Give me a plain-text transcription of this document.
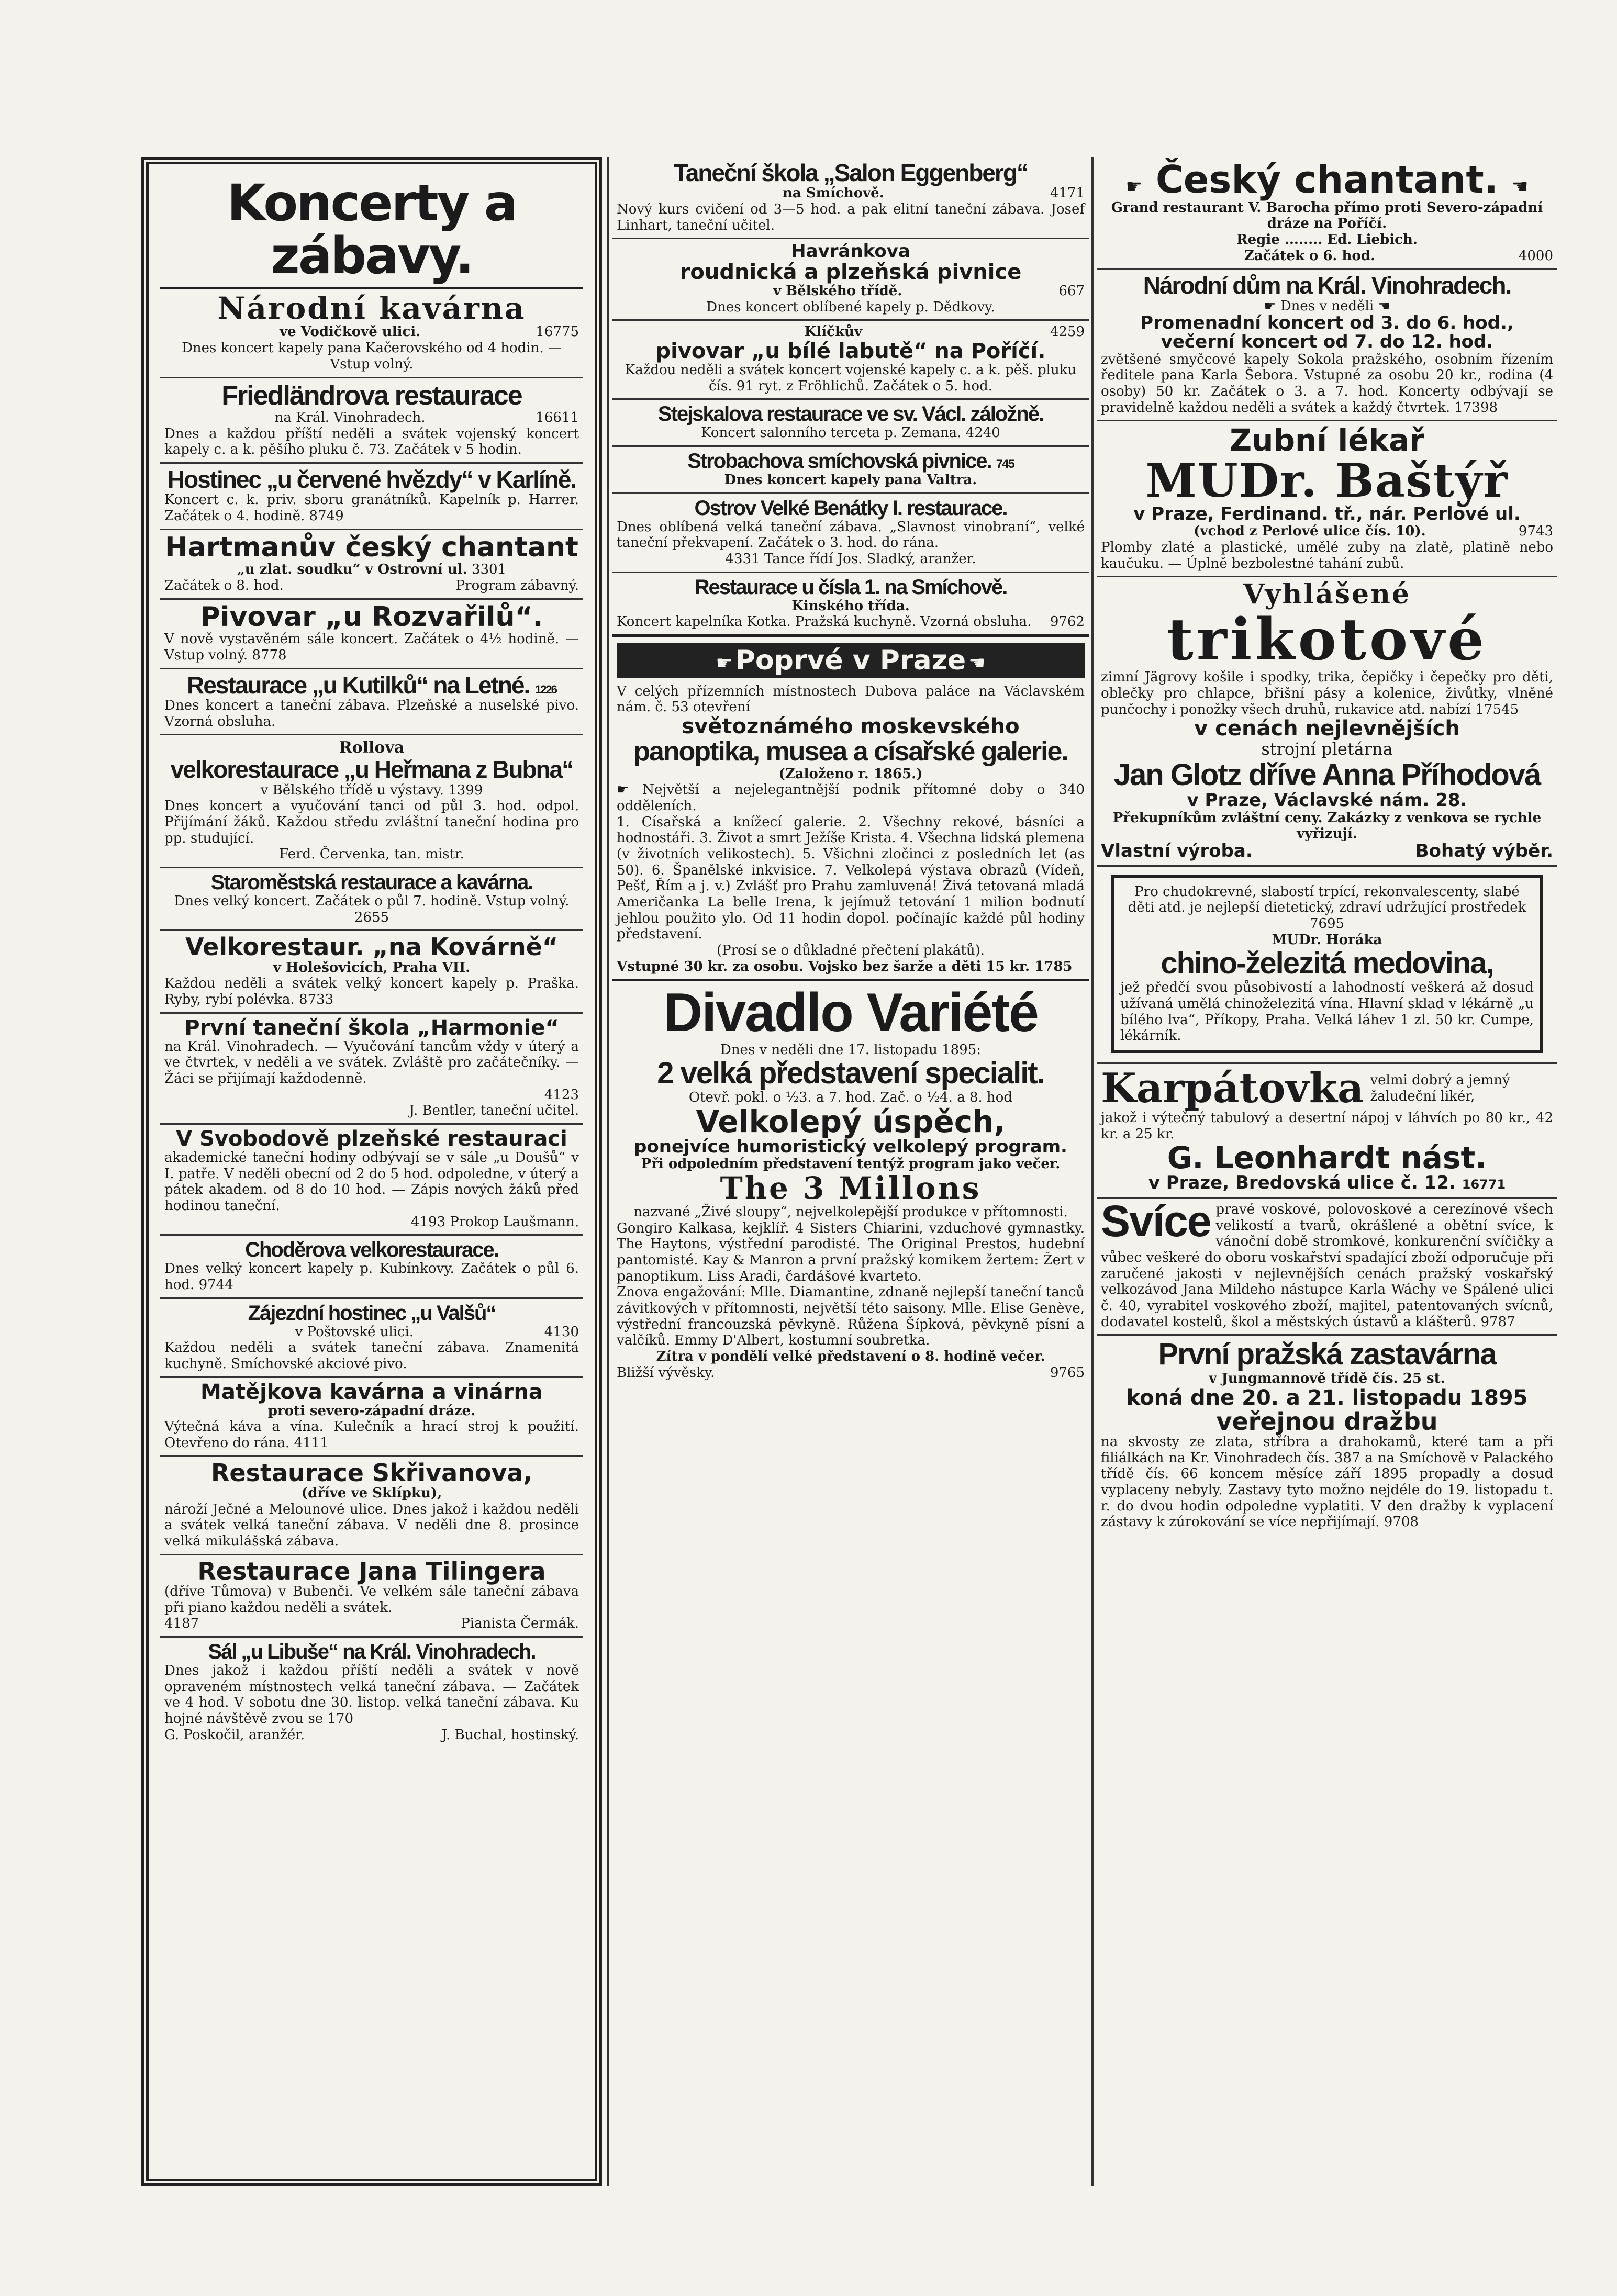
Koncerty a zábavy.
Národní kavárna
ve Vodičkově ulici.	16775
Dnes koncert kapely pana Kačerovského od 4 hodin. — Vstup volný.
Friedländrova restaurace
na Král. Vinohradech.	16611
Dnes a každou příští neděli a svátek vojenský koncert kapely c. a k. pěšího pluku č. 73. Začátek v 5 hodin.
Hostinec „u červené hvězdy“ v Karlíně.
Koncert c. k. priv. sboru granátníků. Kapelník p. Harrer. Začátek o 4. hodině. 8749
Hartmanův český chantant
„u zlat. soudku“ v Ostrovní ul. 3301
Začátek o 8. hod.	Program zábavný.
Pivovar „u Rozvařilů“.
V nově vystavěném sále koncert. Začátek o 4½ hodině. — Vstup volný. 8778
Restaurace „u Kutilků“ na Letné. 1226
Dnes koncert a taneční zábava. Plzeňské a nuselské pivo. Vzorná obsluha.
Rollova
velkorestaurace „u Heřmana z Bubna“
v Bělského třídě u výstavy. 1399
Dnes koncert a vyučování tanci od půl 3. hod. odpol. Přijímání žáků. Každou středu zvláštní taneční hodina pro pp. studující.
Ferd. Červenka, tan. mistr.
Staroměstská restaurace a kavárna.
Dnes velký koncert. Začátek o půl 7. hodině. Vstup volný. 2655
Velkorestaur. „na Kovárně“
v Holešovicích, Praha VII.
Každou neděli a svátek velký koncert kapely p. Praška. Ryby, rybí polévka. 8733
První taneční škola „Harmonie“
na Král. Vinohradech. — Vyučování tancům vždy v úterý a ve čtvrtek, v neděli a ve svátek. Zvláště pro začátečníky. — Žáci se přijímají každodenně.
4123
J. Bentler, taneční učitel.
V Svobodově plzeňské restauraci
akademické taneční hodiny odbývají se v sále „u Doušů“ v I. patře. V neděli obecní od 2 do 5 hod. odpoledne, v úterý a pátek akadem. od 8 do 10 hod. — Zápis nových žáků před hodinou taneční.
4193 Prokop Laušmann.
Choděrova velkorestaurace.
Dnes velký koncert kapely p. Kubínkovy. Začátek o půl 6. hod. 9744
Zájezdní hostinec „u Valšů“
v Poštovské ulici.	4130
Každou neděli a svátek taneční zábava. Znamenitá kuchyně. Smíchovské akciové pivo.
Matějkova kavárna a vinárna
proti severo-západní dráze.
Výtečná káva a vína. Kulečník a hrací stroj k použití. Otevřeno do rána. 4111
Restaurace Skřivanova,
(dříve ve Sklípku),
nároží Ječné a Melounové ulice. Dnes jakož i každou neděli a svátek velká taneční zábava. V neděli dne 8. prosince velká mikulášská zábava.
Restaurace Jana Tilingera
(dříve Tůmova) v Bubenči. Ve velkém sále taneční zábava při piano každou neděli a svátek.
4187	Pianista Čermák.
Sál „u Libuše“ na Král. Vinohradech.
Dnes jakož i každou příští neděli a svátek v nově opraveném místnostech velká taneční zábava. — Začátek ve 4 hod. V sobotu dne 30. listop. velká taneční zábava. Ku hojné návštěvě zvou se 170
G. Poskočil, aranžér.	J. Buchal, hostinský.
Taneční škola „Salon Eggenberg“
na Smíchově.	4171
Nový kurs cvičení od 3—5 hod. a pak elitní taneční zábava. Josef Linhart, taneční učitel.
Havránkova
roudnická a plzeňská pivnice
v Bělského třídě.	667
Dnes koncert oblíbené kapely p. Dědkovy.
Klíčkův	4259
pivovar „u bílé labutě“ na Poříčí.
Každou neděli a svátek koncert vojenské kapely c. a k. pěš. pluku čís. 91 ryt. z Fröhlichů. Začátek o 5. hod.
Stejskalova restaurace ve sv. Václ. záložně.
Koncert salonního terceta p. Zemana. 4240
Strobachova smíchovská pivnice. 745
Dnes koncert kapely pana Valtra.
Ostrov Velké Benátky I. restaurace.
Dnes oblíbená velká taneční zábava. „Slavnost vinobraní“, velké taneční překvapení. Začátek o 3. hod. do rána.
4331 Tance řídí Jos. Sladký, aranžer.
Restaurace u čísla 1. na Smíchově.
Kinského třída.
Koncert kapelníka Kotka. Pražská kuchyně. Vzorná obsluha. 9762
☛ Poprvé v Praze ☚
V celých přízemních místnostech Dubova paláce na Václavském nám. č. 53 otevření
světoznámého moskevského
panoptika, musea a císařské galerie.
(Založeno r. 1865.)
☛ Největší a nejelegantnější podnik přítomné doby o 340 odděleních.
1. Císařská a knížecí galerie. 2. Všechny rekové, básníci a hodnostáři. 3. Život a smrt Ježíše Krista. 4. Všechna lidská plemena (v životních velikostech). 5. Všichni zločinci z posledních let (as 50). 6. Španělské inkvisice. 7. Velkolepá výstava obrazů (Vídeň, Pešť, Řím a j. v.) Zvlášť pro Prahu zamluvená! Živá tetovaná mladá Američanka La belle Irena, k jejímuž tetování 1 milion bodnutí jehlou použito ylo. Od 11 hodin dopol. počínajíc každé půl hodiny představení.
(Prosí se o důkladné přečtení plakátů).
Vstupné 30 kr. za osobu. Vojsko bez šarže a děti 15 kr. 1785
Divadlo Variété
Dnes v neděli dne 17. listopadu 1895:
2 velká představení specialit.
Otevř. pokl. o ½3. a 7. hod. Zač. o ½4. a 8. hod
Velkolepý úspěch,
ponejvíce humoristický velkolepý program.
Při odpoledním představení tentýž program jako večer.
The 3 Millons
nazvané „Živé sloupy“, nejvelkolepější produkce v přítomnosti.
Gongiro Kalkasa, kejklíř. 4 Sisters Chiarini, vzduchové gymnastky. The Haytons, výstřední parodisté. The Original Prestos, hudební pantomisté. Kay & Manron a první pražský komikem žertem: Žert v panoptikum. Liss Aradi, čardášové kvarteto.
Znova engažování: Mlle. Diamantine, zdnaně nejlepší taneční tanců závitkových v přítomnosti, největší této saisony. Mlle. Elise Genève, výstřední francouzská pěvkyně. Růžena Šípková, pěvkyně písní a valčíků. Emmy D'Albert, kostumní soubretka.
Zítra v pondělí velké představení o 8. hodině večer.
Bližší vývěsky.	9765
☛ Český chantant. ☚
Grand restaurant V. Barocha přímo proti Severo-západní dráze na Poříčí.
Regie ........ Ed. Liebich.
Začátek o 6. hod.	4000
Národní dům na Král. Vinohradech.
☛ Dnes v neděli ☚
Promenadní koncert od 3. do 6. hod., večerní koncert od 7. do 12. hod.
zvětšené smyčcové kapely Sokola pražského, osobním řízením ředitele pana Karla Šebora. Vstupné za osobu 20 kr., rodina (4 osoby) 50 kr. Začátek o 3. a 7. hod. Koncerty odbývají se pravidelně každou neděli a svátek a každý čtvrtek. 17398
Zubní lékař
MUDr. Baštýř
v Praze, Ferdinand. tř., nár. Perlové ul.
(vchod z Perlové ulice čís. 10).	9743
Plomby zlaté a plastické, umělé zuby na zlatě, platině nebo kaučuku. — Úplně bezbolestné tahání zubů.
Vyhlášené
trikotové
zimní Jägrovy košile i spodky, trika, čepičky i čepečky pro děti, oblečky pro chlapce, břišní pásy a kolenice, živůtky, vlněné punčochy i ponožky všech druhů, rukavice atd. nabízí 17545
v cenách nejlevnějších
strojní pletárna
Jan Glotz dříve Anna Příhodová
v Praze, Václavské nám. 28.
Překupníkům zvláštní ceny. Zakázky z venkova se rychle vyřizují.
Vlastní výroba.	Bohatý výběr.
Pro chudokrevné, slabostí trpící, rekonvalescenty, slabé děti atd. je nejlepší dietetický, zdraví udržující prostředek 7695
MUDr. Horáka
chino-železitá medovina,
jež předčí svou působivostí a lahodností veškerá až dosud užívaná umělá chinoželezitá vína. Hlavní sklad v lékárně „u bílého lva“, Příkopy, Praha. Velká láhev 1 zl. 50 kr. Cumpe, lékárník.
Karpátovka velmi dobrý a jemný žaludeční likér,
jakož i výtečný tabulový a desertní nápoj v láhvích po 80 kr., 42 kr. a 25 kr.
G. Leonhardt nást.
v Praze, Bredovská ulice č. 12. 16771
Svíce pravé voskové, polovoskové a cerezínové všech velikostí a tvarů, okrášlené a obětní svíce, k vánoční době stromkové, konkurenční svíčičky a vůbec veškeré do oboru voskařství spadající zboží odporučuje při zaručené jakosti v nejlevnějších cenách pražský voskařský velkozávod Jana Mildeho nástupce Karla Wáchy ve Spálené ulici č. 40, vyrabitel voskového zboží, majitel, patentovaných svícnů, dodavatel kostelů, škol a městských ústavů a klášterů. 9787
První pražská zastavárna
v Jungmannově třídě čís. 25 st.
koná dne 20. a 21. listopadu 1895
veřejnou dražbu
na skvosty ze zlata, stříbra a drahokamů, které tam a při filiálkách na Kr. Vinohradech čís. 387 a na Smíchově v Palackého třídě čís. 66 koncem měsíce září 1895 propadly a dosud vyplaceny nebyly. Zastavy tyto možno nejdéle do 19. listopadu t. r. do dvou hodin odpoledne vyplatiti. V den dražby k vyplacení zástavy k zúrokování se více nepřijímají. 9708
